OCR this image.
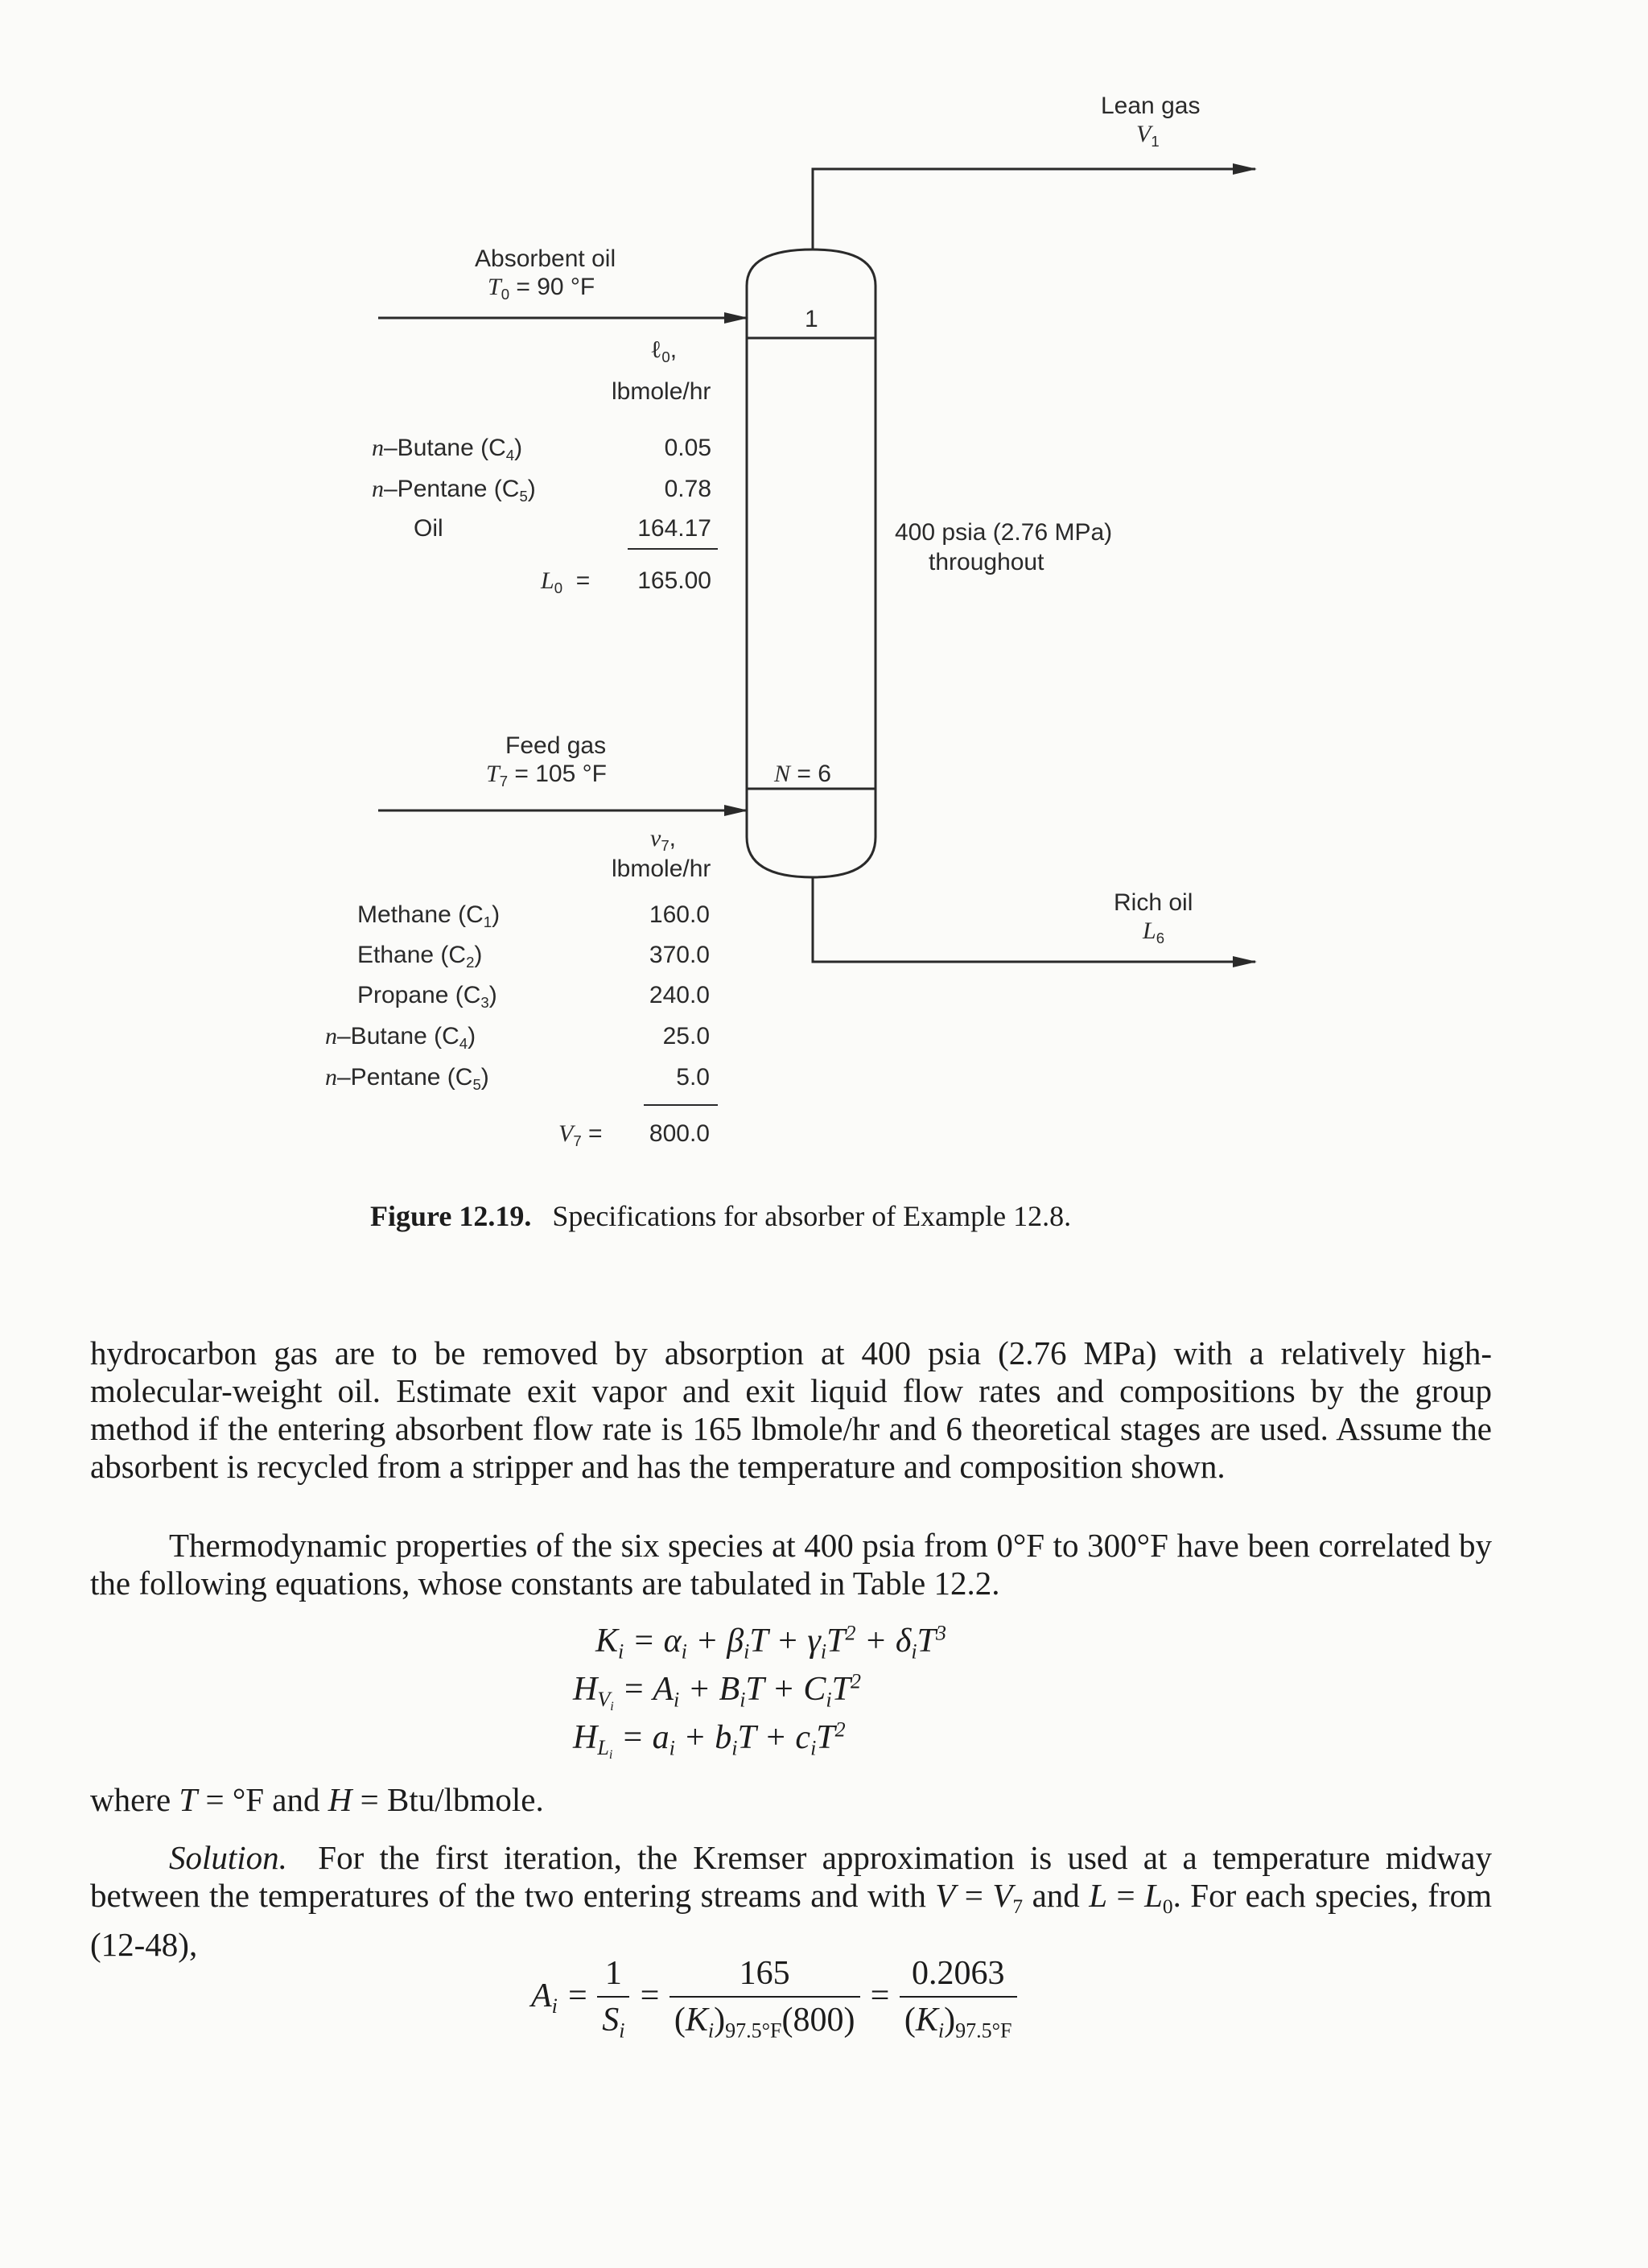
Lean gas
$V_1$
Absorbent oil
$T_0 = 90$ °F
ℓ$_0$,
lbmole/hr
n–Butane $(C_4)$
n–Pentane $(C_5)$
Oil
0.05
0.78
164.17
$L_0$ =	165.00
1
N = 6
400 psia (2.76 MPa)
throughout
Feed gas
$T_7 = 105$ °F
$v_7$,
lbmole/hr
Methane $(C_1)$
Ethane $(C_2)$
Propane $(C_3)$
n–Butane $(C_4)$
n–Pentane $(C_5)$
160.0
370.0
240.0
25.0
5.0
$V_7$ =	800.0
Rich oil
$L_6$
Figure 12.19. Specifications for absorber of Example 12.8.
hydrocarbon gas are to be removed by absorption at 400 psia (2.76 MPa) with a relatively high-molecular-weight oil. Estimate exit vapor and exit liquid flow rates and compositions by the group method if the entering absorbent flow rate is 165 lbmole/hr and 6 theoretical stages are used. Assume the absorbent is recycled from a stripper and has the temperature and composition shown.
Thermodynamic properties of the six species at 400 psia from 0°F to 300°F have been correlated by the following equations, whose constants are tabulated in Table 12.2.
$K_i = \alpha_i + \beta_iT + \gamma_iT^2 + \delta_iT^3$
$H_{V_i} = A_i + B_iT + C_iT^2$
$H_{L_i} = a_i + b_iT + c_iT^2$
where T = °F and H = Btu/lbmole.
Solution.  For the first iteration, the Kremser approximation is used at a temperature midway between the temperatures of the two entering streams and with $V = V_7$ and $L = L_0$. For each species, from (12-48),
$A_i = \frac{1}{S_i} = \frac{165}{(K_i)_{97.5^\circ F}(800)} = \frac{0.2063}{(K_i)_{97.5^\circ F}}$
